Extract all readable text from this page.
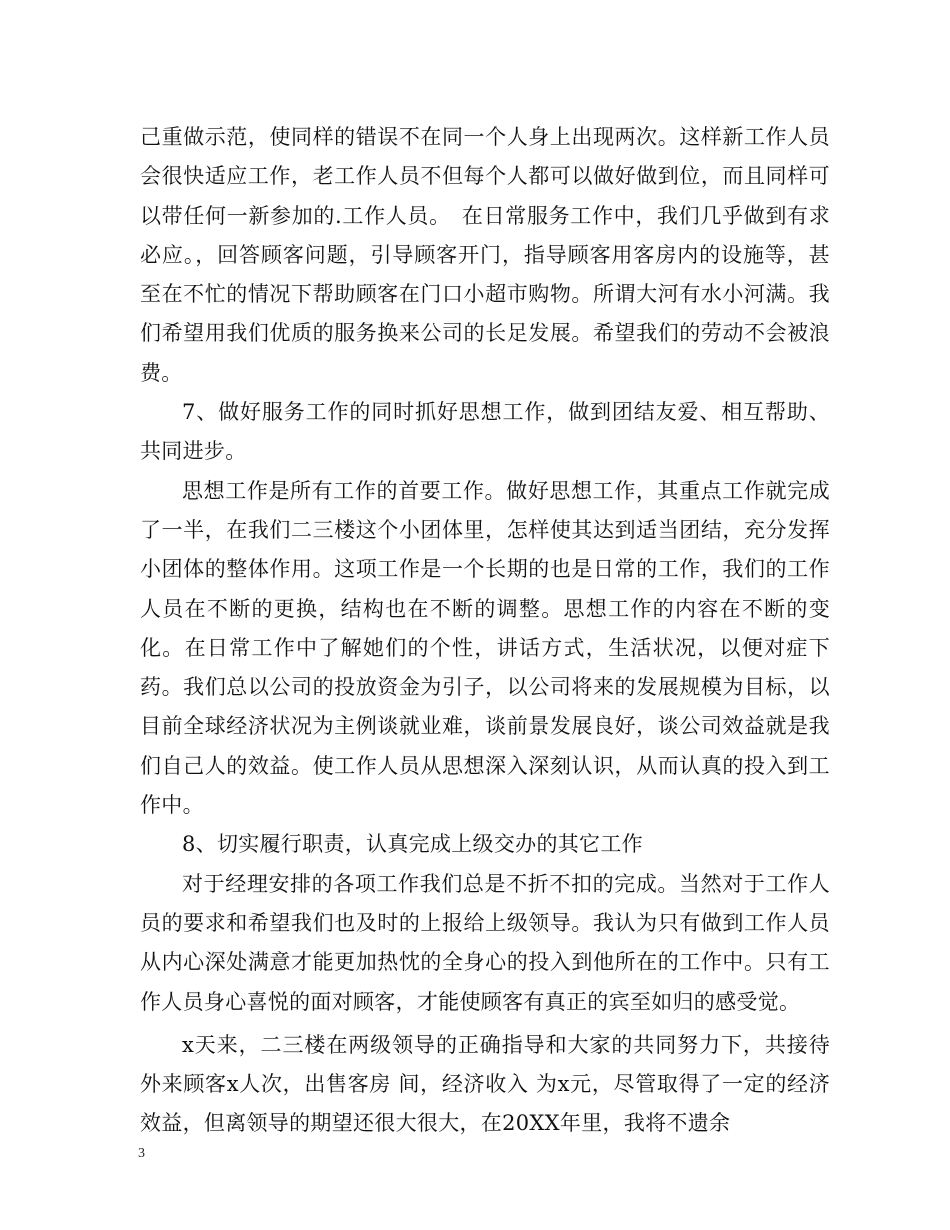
己重做示范，使同样的错误不在同一个人身上出现两次。这样新工作人员会很快适应工作，老工作人员不但每个人都可以做好做到位，而且同样可以带任何一新参加的.工作人员。　在日常服务工作中，我们几乎做到有求必应。，回答顾客问题，引导顾客开门，指导顾客用客房内的设施等，甚至在不忙的情况下帮助顾客在门口小超市购物。所谓大河有水小河满。我们希望用我们优质的服务换来公司的长足发展。希望我们的劳动不会被浪费。

7、做好服务工作的同时抓好思想工作，做到团结友爱、相互帮助、共同进步。

思想工作是所有工作的首要工作。做好思想工作，其重点工作就完成了一半，在我们二三楼这个小团体里，怎样使其达到适当团结，充分发挥小团体的整体作用。这项工作是一个长期的也是日常的工作，我们的工作人员在不断的更换，结构也在不断的调整。思想工作的内容在不断的变化。在日常工作中了解她们的个性，讲话方式，生活状况，以便对症下药。我们总以公司的投放资金为引子，以公司将来的发展规模为目标，以目前全球经济状况为主例谈就业难，谈前景发展良好，谈公司效益就是我们自己人的效益。使工作人员从思想深入深刻认识，从而认真的投入到工作中。

8、切实履行职责，认真完成上级交办的其它工作

对于经理安排的各项工作我们总是不折不扣的完成。当然对于工作人员的要求和希望我们也及时的上报给上级领导。我认为只有做到工作人员从内心深处满意才能更加热忱的全身心的投入到他所在的工作中。只有工作人员身心喜悦的面对顾客，才能使顾客有真正的宾至如归的感受觉。

x天来，二三楼在两级领导的正确指导和大家的共同努力下，共接待外来顾客x人次，出售客房 间，经济收入 为x元，尽管取得了一定的经济效益，但离领导的期望还很大很大，在20XX年里，我将不遗余

3
